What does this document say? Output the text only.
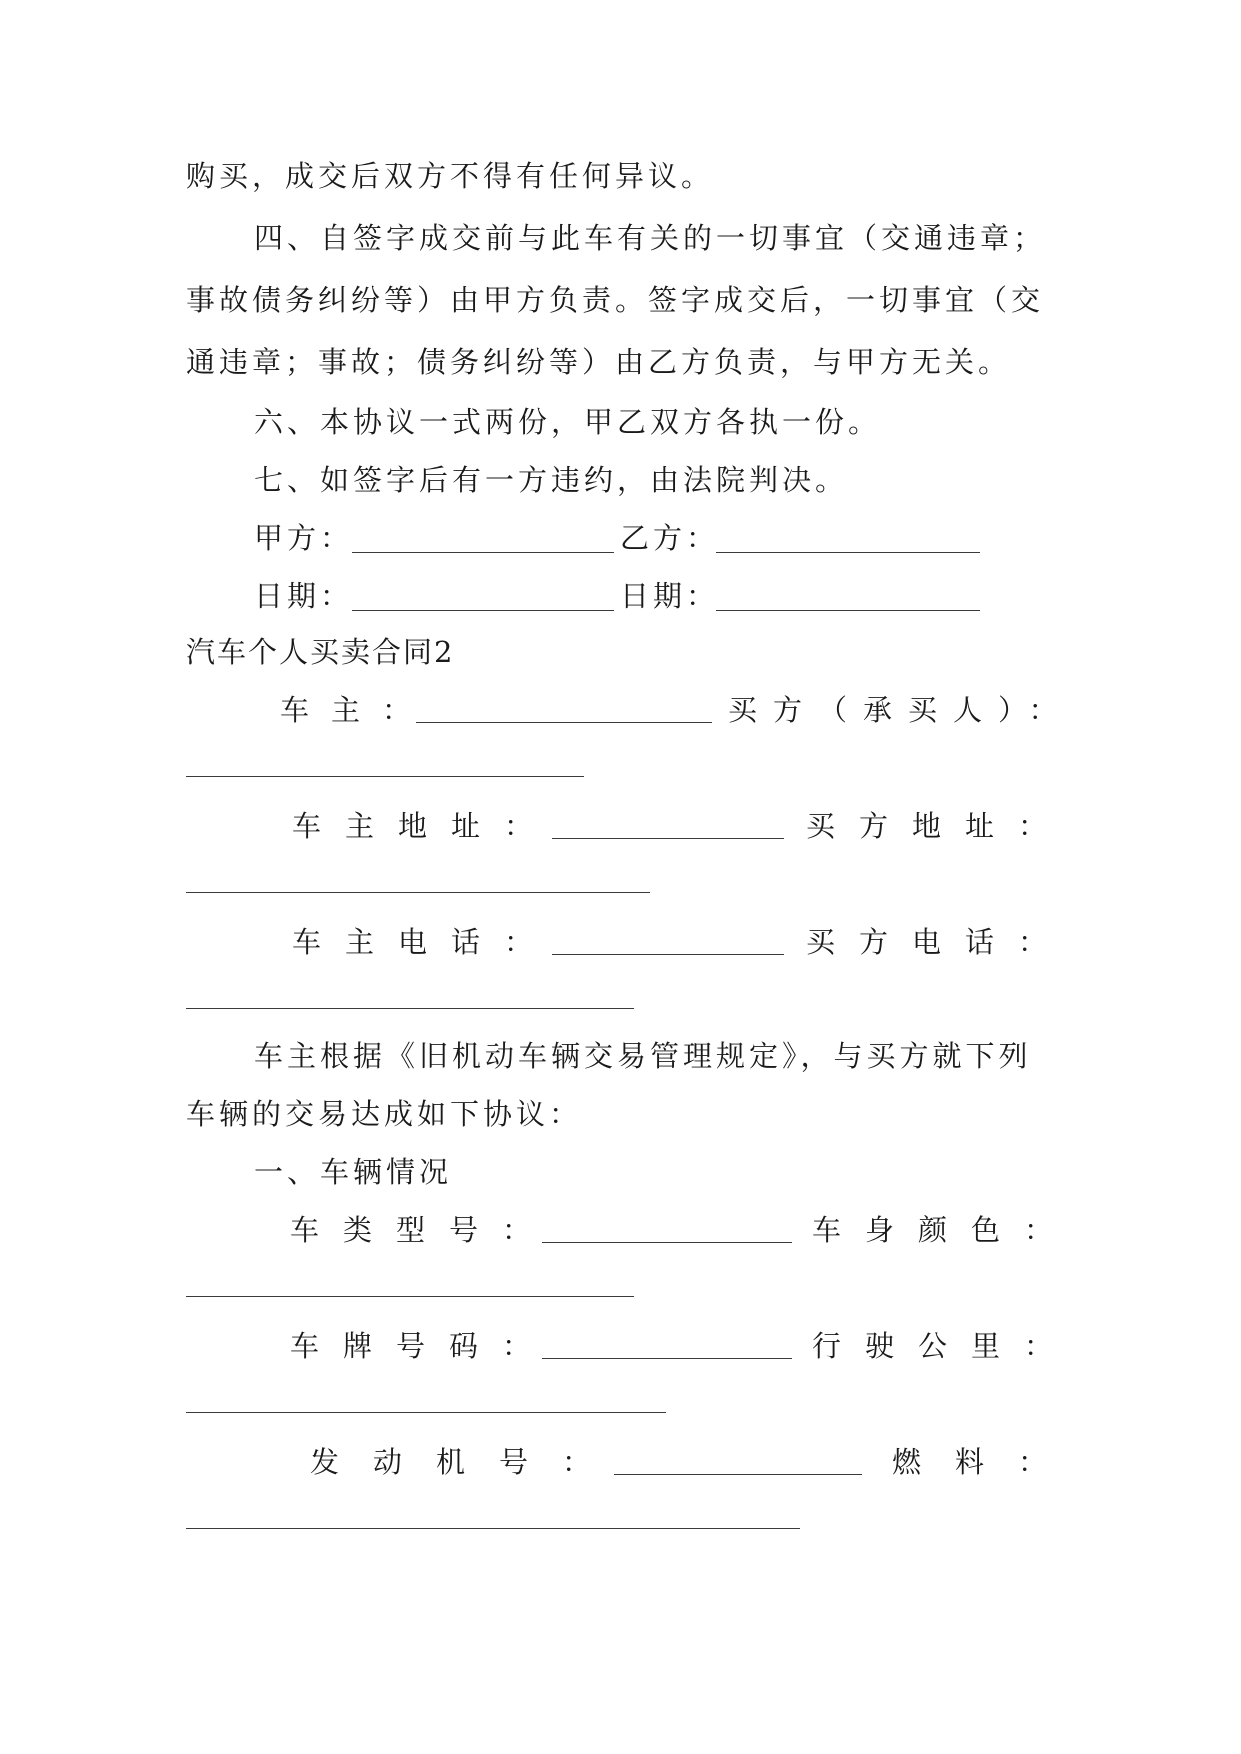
购买，成交后双方不得有任何异议。
四、自签字成交前与此车有关的一切事宜（交通违章；
事故债务纠纷等）由甲方负责。签字成交后，一切事宜（交
通违章；事故；债务纠纷等）由乙方负责，与甲方无关。
六、本协议一式两份，甲乙双方各执一份。
七、如签字后有一方违约，由法院判决。
甲方：	乙方：
日期：	日期：
汽车个人买卖合同2
车主：	买方（承买人）：
车主地址：	买方地址：
车主电话：	买方电话：
车主根据《旧机动车辆交易管理规定》，与买方就下列
车辆的交易达成如下协议：
一、车辆情况
车类型号：	车身颜色：
车牌号码：	行驶公里：
发动机号：	燃料：
